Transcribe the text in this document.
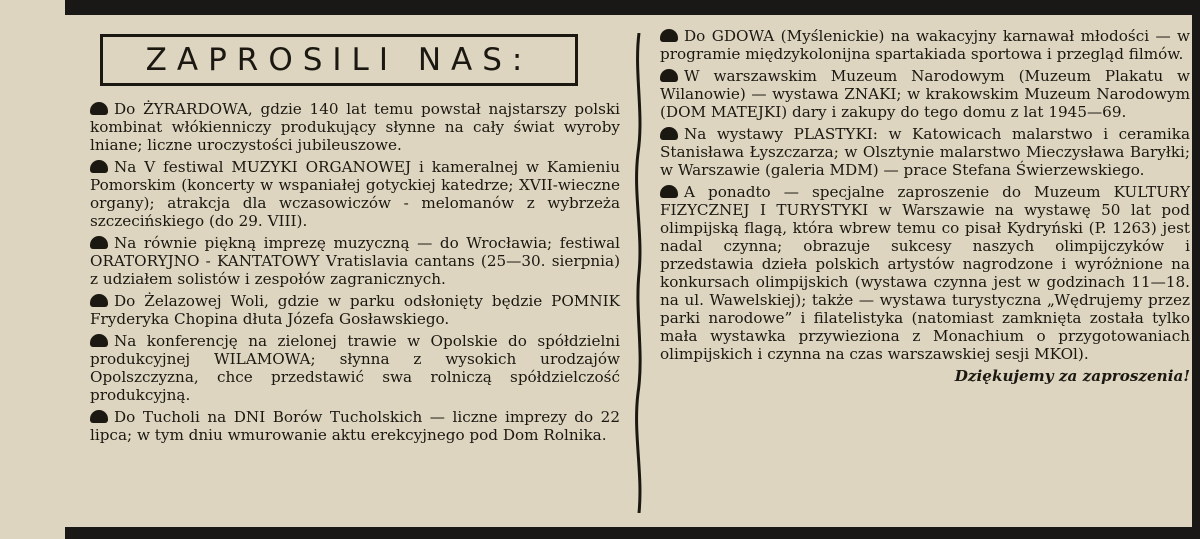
ZAPROSILI NAS:

Do ŻYRARDOWA, gdzie 140 lat temu powstał najstarszy polski kombinat włókienniczy produkujący słynne na cały świat wyroby lniane; liczne uroczystości jubileuszowe.

Na V festiwal MUZYKI ORGANOWEJ i kameralnej w Kamieniu Pomorskim (koncerty w wspaniałej gotyckiej katedrze; XVII-wieczne organy); atrakcja dla wczasowiczów - melomanów z wybrzeża szczecińskiego (do 29. VIII).

Na równie piękną imprezę muzyczną — do Wrocławia; festiwal ORATORYJNO - KANTATOWY Vratislavia cantans (25—30. sierpnia) z udziałem solistów i zespołów zagranicznych.

Do Żelazowej Woli, gdzie w parku odsłonięty będzie POMNIK Fryderyka Chopina dłuta Józefa Gosławskiego.

Na konferencję na zielonej trawie w Opolskie do spółdzielni produkcyjnej WILAMOWA; słynna z wysokich urodzajów Opolszczyzna, chce przedstawić swa rolniczą spółdzielczość produkcyjną.

Do Tucholi na DNI Borów Tucholskich — liczne imprezy do 22 lipca; w tym dniu wmurowanie aktu erekcyjnego pod Dom Rolnika.

Do GDOWA (Myślenickie) na wakacyjny karnawał młodości — w programie międzykolonijna spartakiada sportowa i przegląd filmów.

W warszawskim Muzeum Narodowym (Muzeum Plakatu w Wilanowie) — wystawa ZNAKI; w krakowskim Muzeum Narodowym (DOM MATEJKI) dary i zakupy do tego domu z lat 1945—69.

Na wystawy PLASTYKI: w Katowicach malarstwo i ceramika Stanisława Łyszczarza; w Olsztynie malarstwo Mieczysława Baryłki; w Warszawie (galeria MDM) — prace Stefana Świerzewskiego.

A ponadto — specjalne zaproszenie do Muzeum KULTURY FIZYCZNEJ I TURYSTYKI w Warszawie na wystawę 50 lat pod olimpijską flagą, która wbrew temu co pisał Kydryński (P. 1263) jest nadal czynna; obrazuje sukcesy naszych olimpijczyków i przedstawia dzieła polskich artystów nagrodzone i wyróżnione na konkursach olimpijskich (wystawa czynna jest w godzinach 11—18. na ul. Wawelskiej); także — wystawa turystyczna „Wędrujemy przez parki narodowe” i filatelistyka (natomiast zamknięta została tylko mała wystawka przywieziona z Monachium o przygotowaniach olimpijskich i czynna na czas warszawskiej sesji MKOl).

Dziękujemy za zaproszenia!
